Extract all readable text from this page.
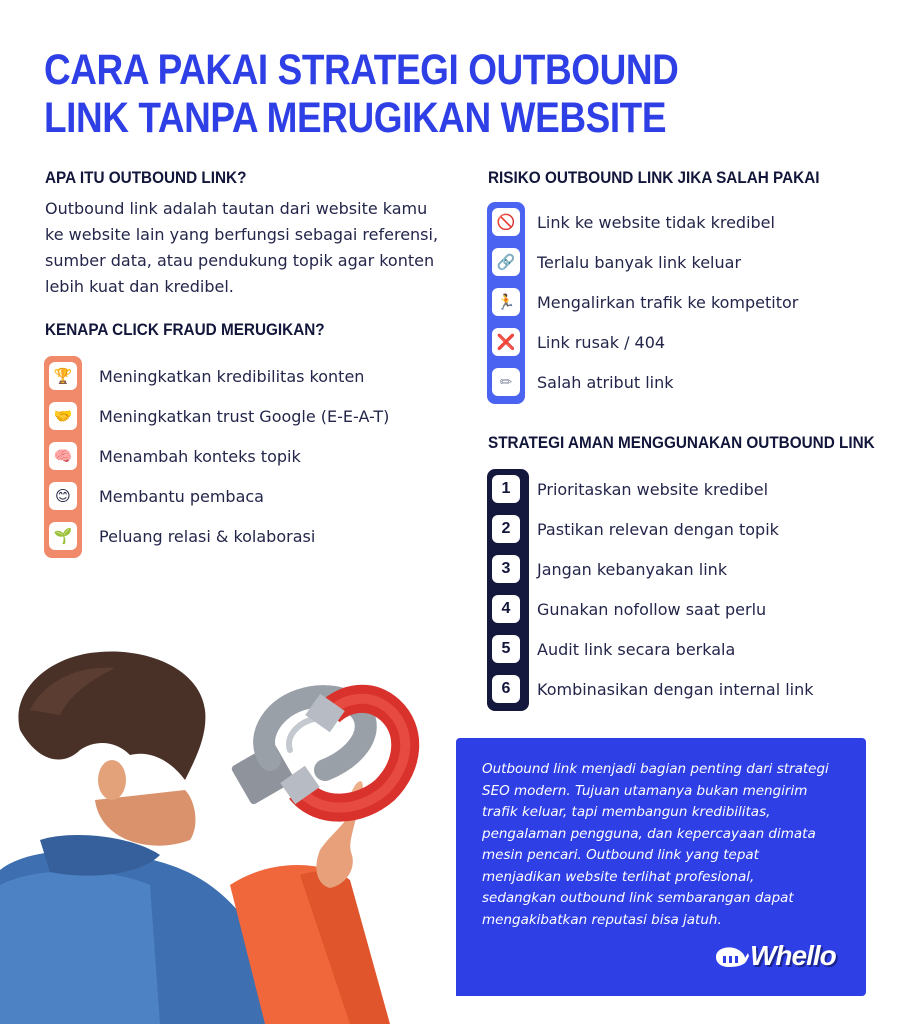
CARA PAKAI STRATEGI OUTBOUND LINK TANPA MERUGIKAN WEBSITE
APA ITU OUTBOUND LINK?
Outbound link adalah tautan dari website kamu ke website lain yang berfungsi sebagai referensi, sumber data, atau pendukung topik agar konten lebih kuat dan kredibel.
KENAPA CLICK FRAUD MERUGIKAN?
🏆 Meningkatkan kredibilitas konten
🤝 Meningkatkan trust Google (E-E-A-T)
🧠 Menambah konteks topik
😊	Membantu pembaca
🌱 Peluang relasi & kolaborasi
RISIKO OUTBOUND LINK JIKA SALAH PAKAI
🚫 Link ke website tidak kredibel
🔗 Terlalu banyak link keluar
🏃 Mengalirkan trafik ke kompetitor
❌ Link rusak / 404
✏	Salah atribut link
STRATEGI AMAN MENGGUNAKAN OUTBOUND LINK
1	Prioritaskan website kredibel
2	Pastikan relevan dengan topik
3	Jangan kebanyakan link
4	Gunakan nofollow saat perlu
5	Audit link secara berkala
6	Kombinasikan dengan internal link
Outbound link menjadi bagian penting dari strategi SEO modern. Tujuan utamanya bukan mengirim trafik keluar, tapi membangun kredibilitas, pengalaman pengguna, dan kepercayaan dimata mesin pencari. Outbound link yang tepat menjadikan website terlihat profesional, sedangkan outbound link sembarangan dapat mengakibatkan reputasi bisa jatuh.
Whello
